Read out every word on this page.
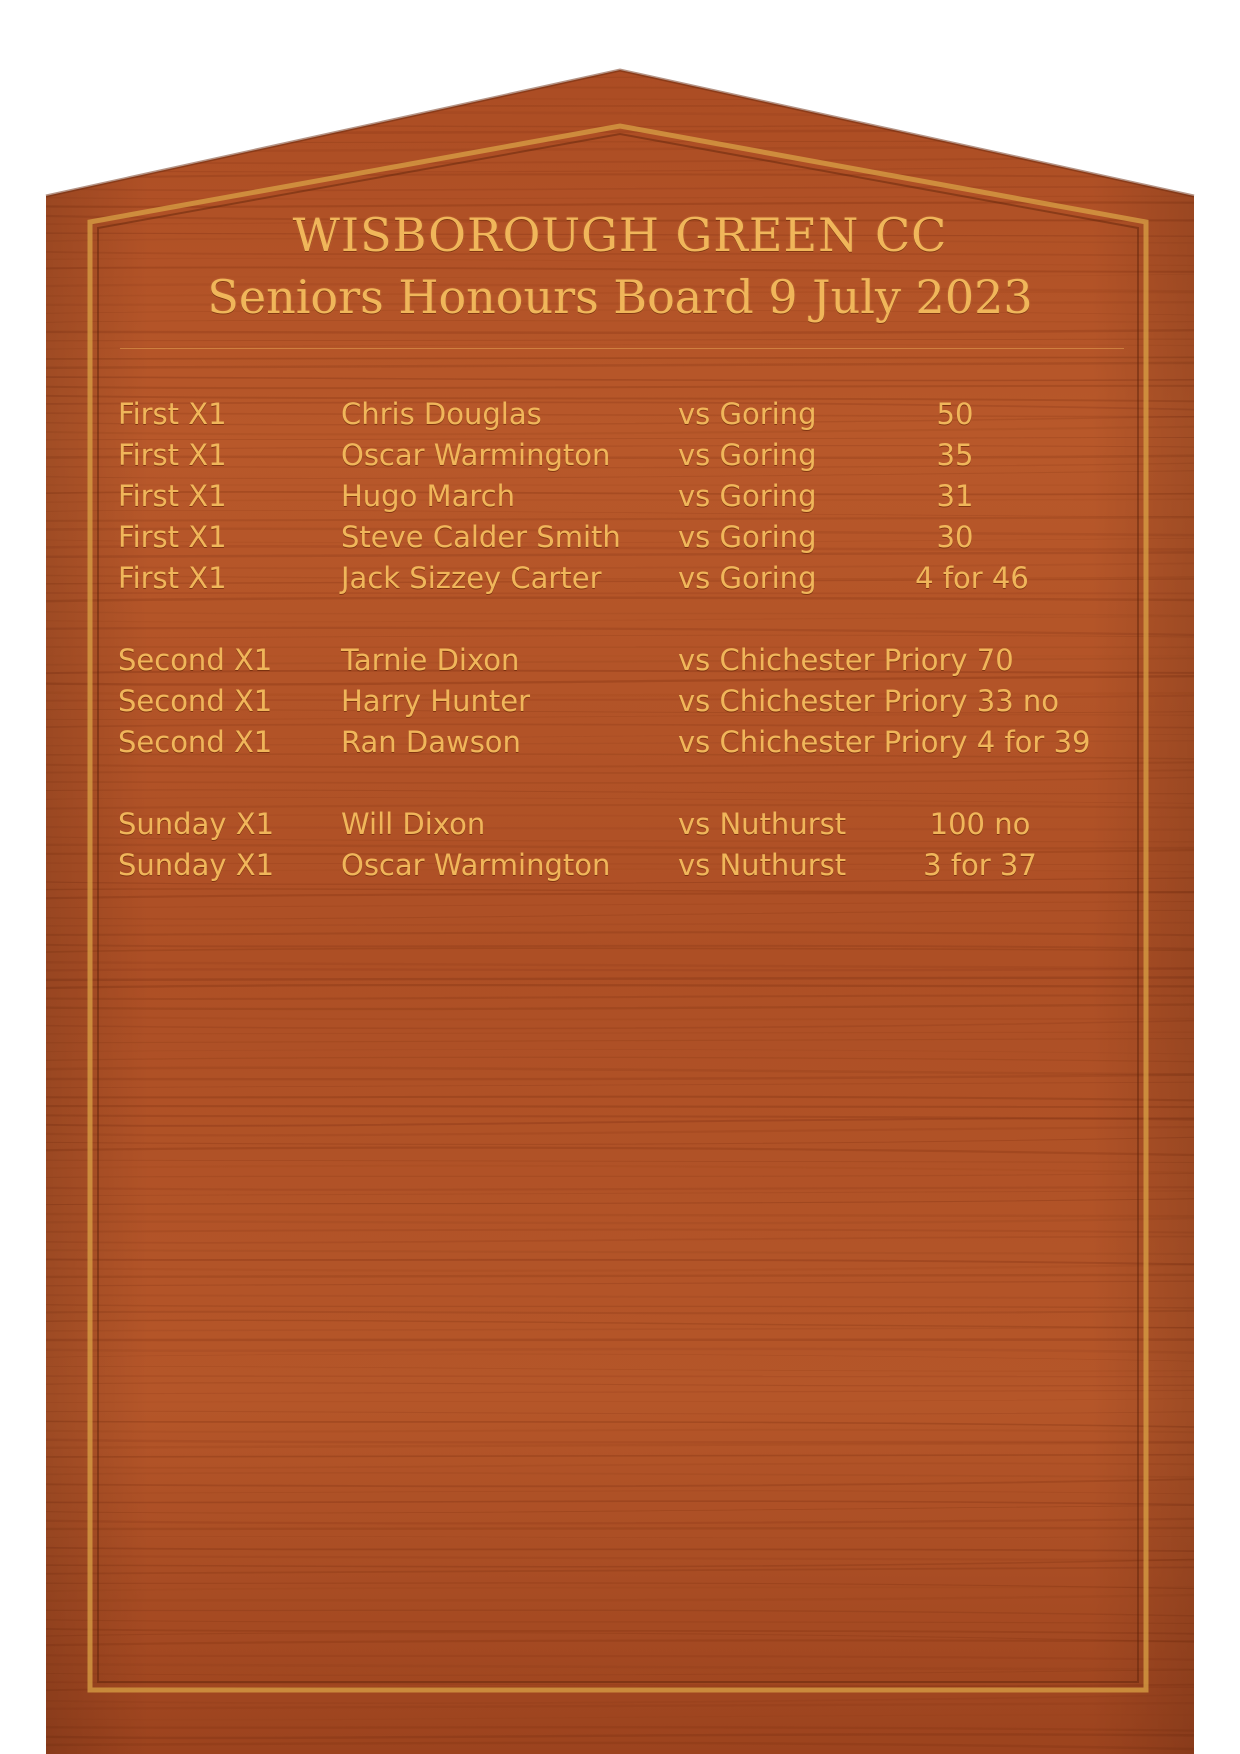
WISBOROUGH GREEN CC
Seniors Honours Board 9 July 2023
First X1	Chris Douglas	vs Goring	50
First X1	Oscar Warmington vs Goring	35
First X1	Hugo March	vs Goring	31
First X1	Steve Calder Smith vs Goring	30
First X1	Jack Sizzey Carter	vs Goring	4 for 46
Second X1 Tarnie Dixon	vs Chichester Priory 70
Second X1 Harry Hunter	vs Chichester Priory 33 no
Second X1 Ran Dawson	vs Chichester Priory 4 for 39
Sunday X1 Will Dixon	vs Nuthurst	100 no
Sunday X1 Oscar Warmington vs Nuthurst	3 for 37
